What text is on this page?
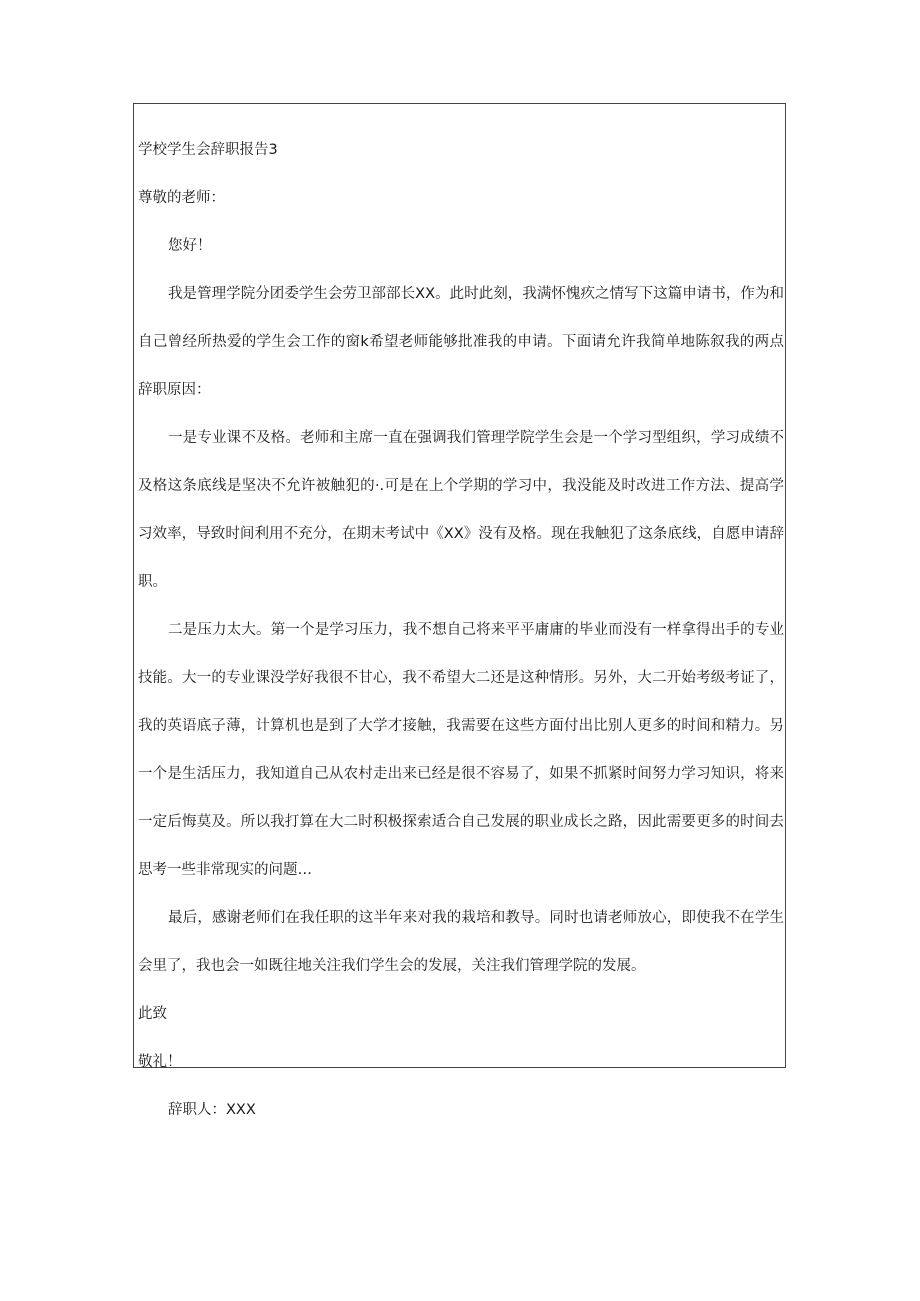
学校学生会辞职报告3

尊敬的老师：

您好！

我是管理学院分团委学生会劳卫部部长XX。此时此刻，我满怀愧疚之情写下这篇申请书，作为和自己曾经所热爱的学生会工作的窗k希望老师能够批准我的申请。下面请允许我简单地陈叙我的两点辞职原因：

一是专业课不及格。老师和主席一直在强调我们管理学院学生会是一个学习型组织，学习成绩不及格这条底线是坚决不允许被触犯的·.可是在上个学期的学习中，我没能及时改进工作方法、提高学习效率，导致时间利用不充分，在期末考试中《XX》没有及格。现在我触犯了这条底线，自愿申请辞职。

二是压力太大。第一个是学习压力，我不想自己将来平平庸庸的毕业而没有一样拿得出手的专业技能。大一的专业课没学好我很不甘心，我不希望大二还是这种情形。另外，大二开始考级考证了，我的英语底子薄，计算机也是到了大学才接触，我需要在这些方面付出比别人更多的时间和精力。另一个是生活压力，我知道自己从农村走出来已经是很不容易了，如果不抓紧时间努力学习知识，将来一定后悔莫及。所以我打算在大二时积极探索适合自己发展的职业成长之路，因此需要更多的时间去思考一些非常现实的问题…

最后，感谢老师们在我任职的这半年来对我的栽培和教导。同时也请老师放心，即使我不在学生会里了，我也会一如既往地关注我们学生会的发展，关注我们管理学院的发展。

此致

敬礼！

辞职人：XXX
